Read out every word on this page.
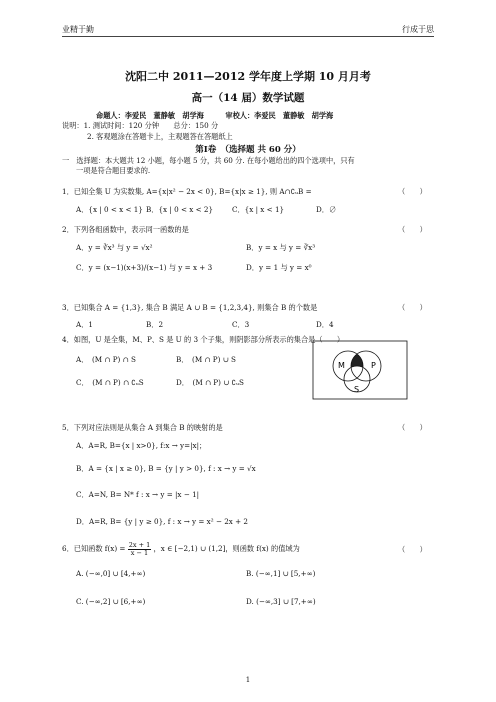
业精于勤	行成于思
沈阳二中 2011—2012 学年度上学期 10 月月考
高一（14 届）数学试题
命题人：李爱民　董静敏　胡学海　　　审校人：李爱民　董静敏　胡学海
说明：1. 测试时间：120 分钟　　总分：150 分
2. 客观题涂在答题卡上，主观题答在答题纸上
第Ⅰ卷　（选择题 共 60 分）
一　选择题：本大题共 12 小题，每小题 5 分，共 60 分. 在每小题给出的四个选项中，只有
一项是符合题目要求的.
1．已知全集 U 为实数集, A={x|x² − 2x < 0}, B={x|x ≥ 1}, 则 A∩∁ᵤB =	（　　）
A．{x | 0 < x < 1} B．{x | 0 < x < 2}	C．{x | x < 1}	D．∅
2．下列各组函数中，表示同一函数的是	（　　）
A．y = ∛x³ 与 y = √x²	B．y = x 与 y = ∛x³
C．y = (x−1)(x+3)/(x−1) 与 y = x + 3	D．y = 1 与 y = x⁰
3．已知集合 A = {1,3}, 集合 B 满足 A ∪ B = {1,2,3,4}, 则集合 B 的个数是	（　　）
A．1	B．2	C．3	D．4
4．如图，U 是全集，M、P、S 是 U 的 3 个子集，则阴影部分所表示的集合是（　　）
A．　(M ∩ P) ∩ S	B．　(M ∩ P) ∪ S
C．　(M ∩ P) ∩ ∁ᵤS	D．　(M ∩ P) ∪ ∁ᵤS
M	P
S
5．下列对应法则是从集合 A 到集合 B 的映射的是	（　　）
A．A=R, B={x | x>0}, f:x → y=|x|；
B．A = {x | x ≥ 0}, B = {y | y > 0}, f : x → y = √x
C．A=N, B= N* f : x → y = |x − 1|
D．A=R, B= {y | y ≥ 0}, f : x → y = x² − 2x + 2
6．已知函数 $f(x) = \frac{2x + 1}{x - 1}$ ，x ∈ [−2,1) ∪ (1,2]，则函数 f(x) 的值域为	（　　）
A. (−∞,0] ∪ [4,+∞)	B. (−∞,1] ∪ [5,+∞)
C. (−∞,2] ∪ [6,+∞)	D. (−∞,3] ∪ [7,+∞)
1
